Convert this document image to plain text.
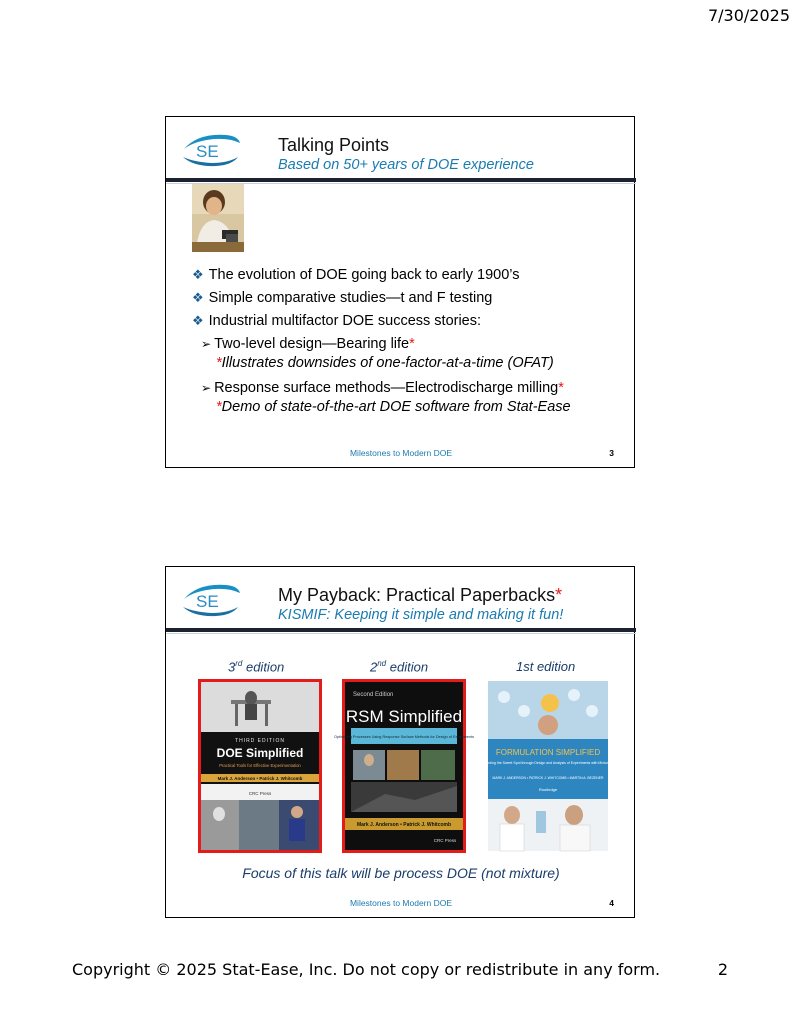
7/30/2025
SE	Talking Points
Based on 50+ years of DOE experience
❖ The evolution of DOE going back to early 1900’s
❖ Simple comparative studies—t and F testing
❖ Industrial multifactor DOE success stories:
➢ Two-level design—Bearing life *
*Illustrates downsides of one-factor-at-a-time (OFAT)
➢ Response surface methods—Electrodischarge milling *
*Demo of state-of-the-art DOE software from Stat-Ease
Milestones to Modern DOE	3
SE	My Payback: Practical Paperbacks*
KISMIF: Keeping it simple and making it fun!
3rd edition	2nd edition	1st edition
THIRD EDITION
DOE Simplified
Practical Tools for Effective Experimentation
Mark J. Anderson • Patrick J. Whitcomb
CRC Press
Second Edition
RSM Simplified
Optimizing Processes Using Response Surface Methods for Design of Experiments
Mark J. Anderson • Patrick J. Whitcomb
CRC Press
FORMULATION SIMPLIFIED
Finding the Sweet Spot through Design and Analysis of Experiments with Mixtures
MARK J. ANDERSON • PATRICK J. WHITCOMB • MARTIN A. BEZENER
Routledge
Focus of this talk will be process DOE (not mixture)
Milestones to Modern DOE	4
Copyright © 2025 Stat-Ease, Inc. Do not copy or redistribute in any form.	2
